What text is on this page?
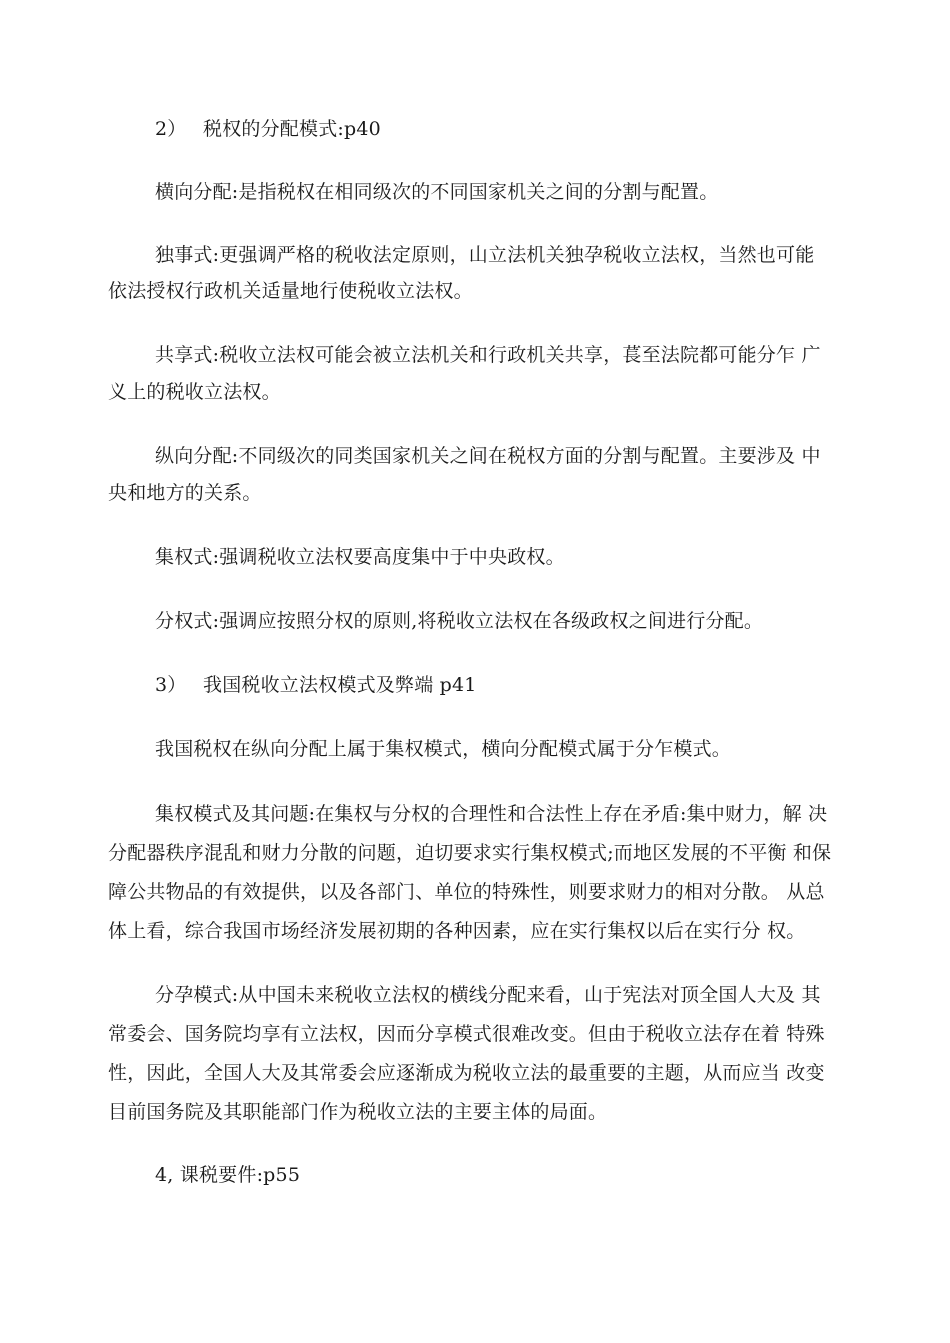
2） 税权的分配模式:p40
横向分配:是指税权在相同级次的不同国家机关之间的分割与配置。
独事式:更强调严格的税收法定原则，山立法机关独孕税收立法权，当然也可能
依法授权行政机关适量地行使税收立法权。
共享式:税收立法权可能会被立法机关和行政机关共享，萇至法院都可能分乍 广
义上的税收立法权。
纵向分配:不同级次的同类国家机关之间在税权方面的分割与配置。主要涉及 中
央和地方的关系。
集权式:强调税收立法权要高度集中于中央政权。
分权式:强调应按照分权的原则,将税收立法权在各级政权之间进行分配。
3） 我国税收立法权模式及弊端 p41
我国税权在纵向分配上属于集权模式，横向分配模式属于分乍模式。
集权模式及其问题:在集权与分权的合理性和合法性上存在矛盾:集中财力，解 决
分配器秩序混乱和财力分散的问题，迫切要求实行集权模式;而地区发展的不平衡 和保
障公共物品的有效提供，以及各部门、单位的特殊性，则要求财力的相对分散。 从总
体上看，综合我国市场经济发展初期的各种因素，应在实行集权以后在实行分 权。
分孕模式:从中国未来税收立法权的横线分配来看，山于宪法对顶全国人大及 其
常委会、国务院均享有立法权，因而分享模式很难改变。但由于税收立法存在着 特殊
性，因此，全国人大及其常委会应逐渐成为税收立法的最重要的主题，从而应当 改变
目前国务院及其职能部门作为税收立法的主要主体的局面。
4, 课税要件:p55
